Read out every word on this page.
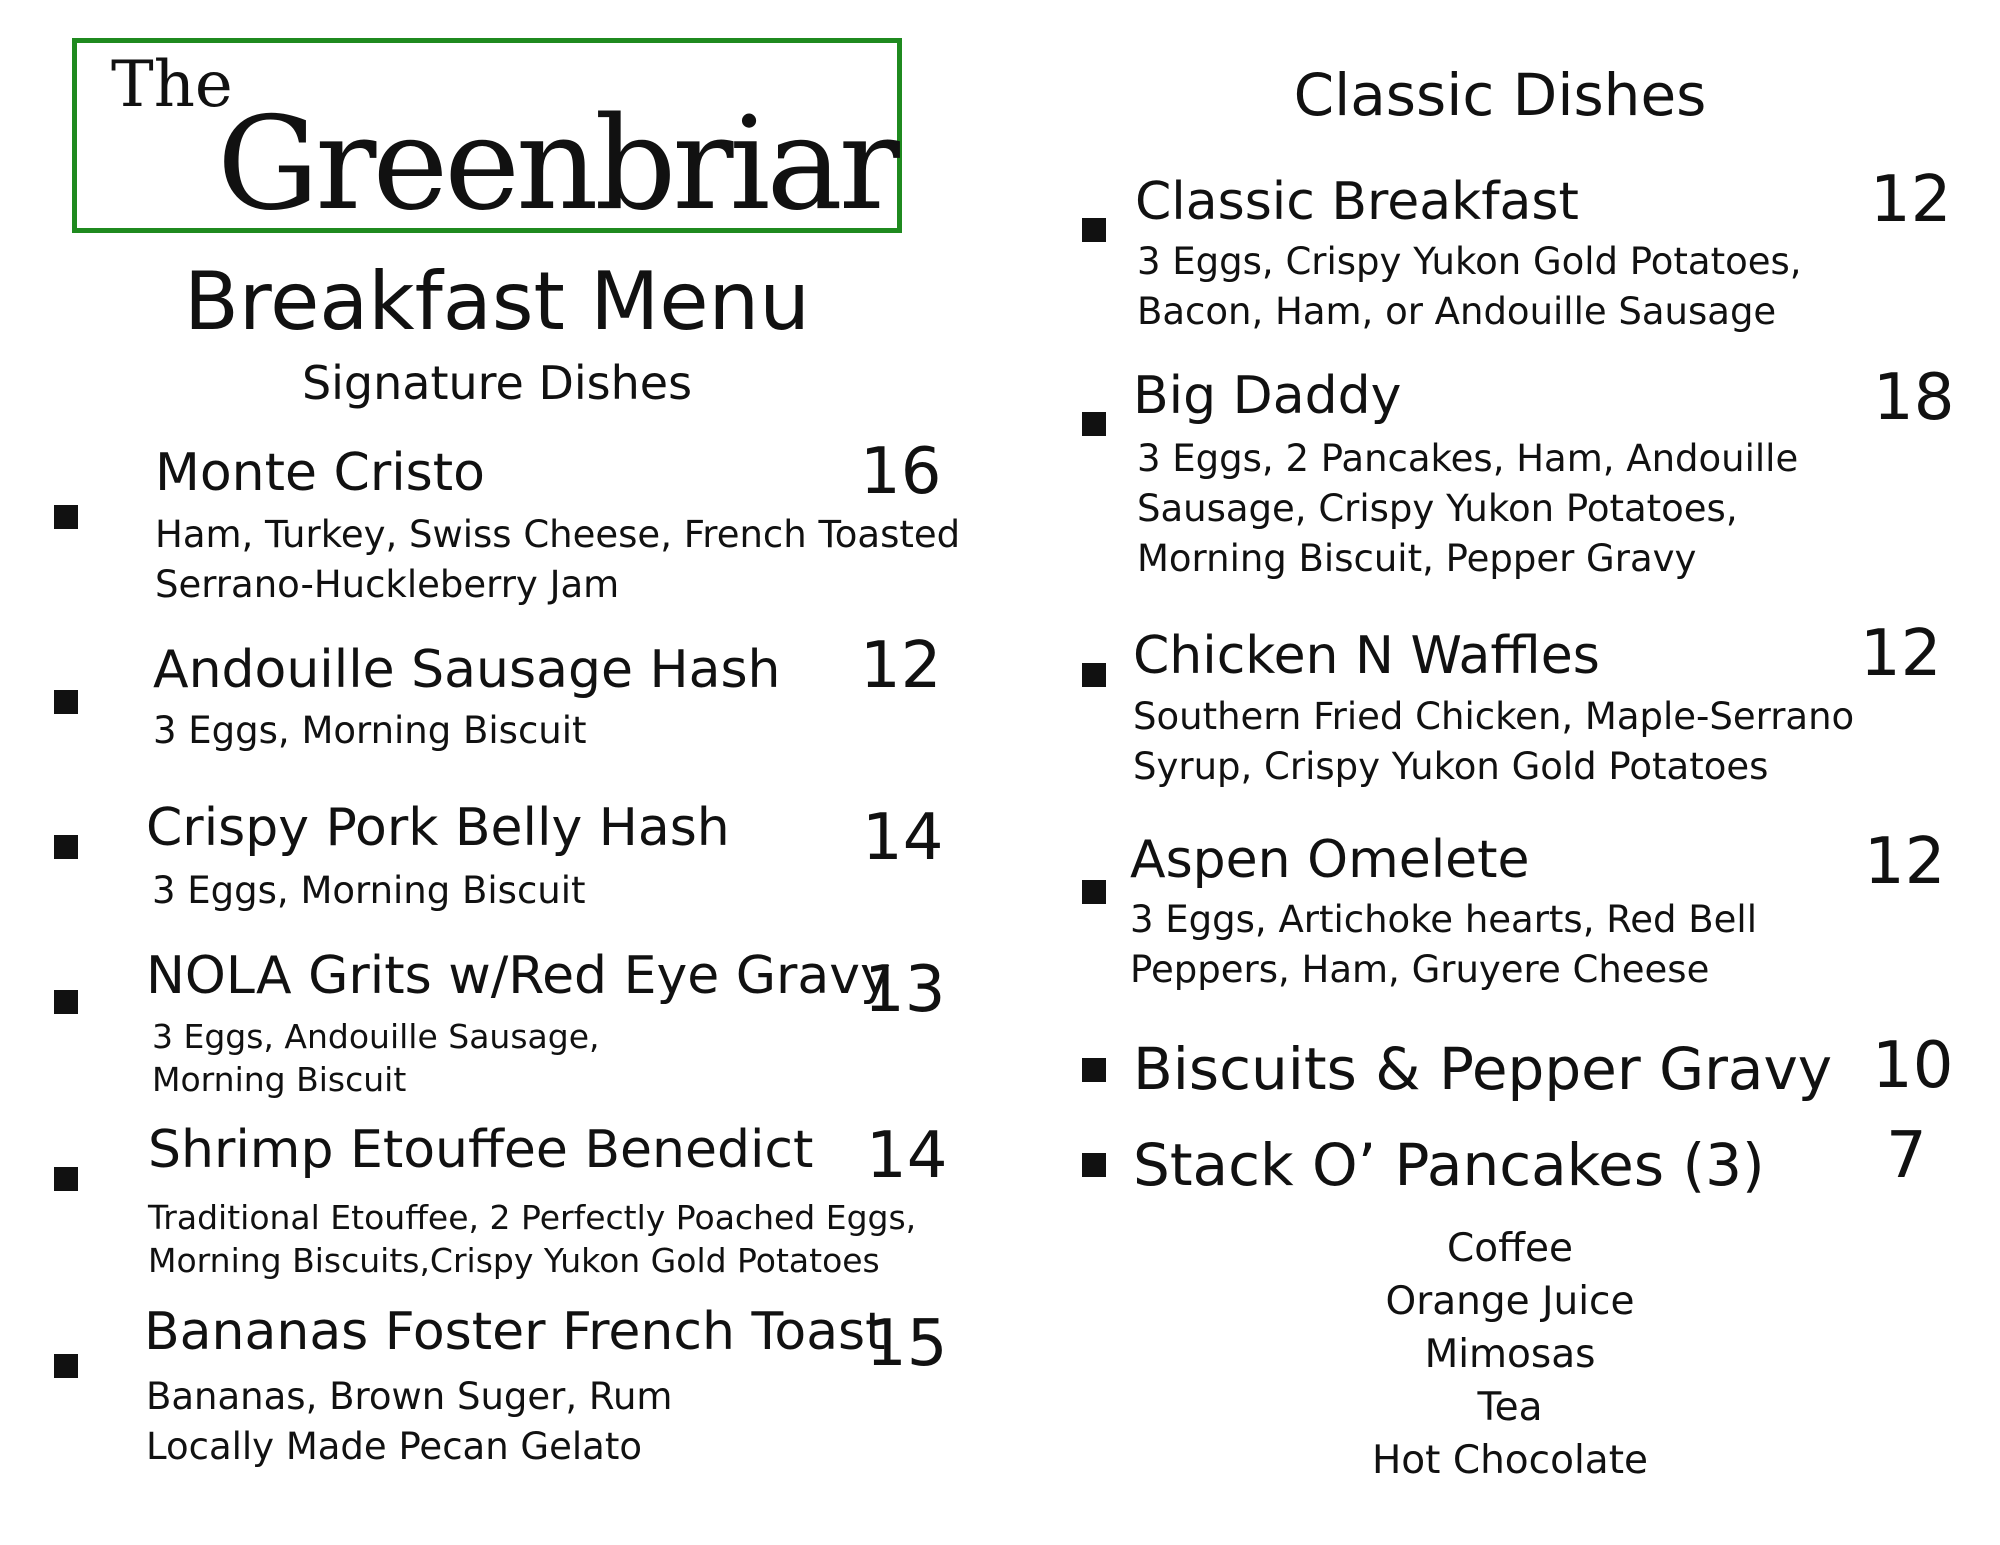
The
Greenbriar
Breakfast Menu
Signature Dishes
Classic Dishes
Monte Cristo	16
Ham, Turkey, Swiss Cheese, French Toasted
Serrano-Huckleberry Jam
Andouille Sausage Hash 12
3 Eggs, Morning Biscuit
Crispy Pork Belly Hash 14
3 Eggs, Morning Biscuit
NOLA Grits w/Red Eye Gravy
13
3 Eggs, Andouille Sausage,
Morning Biscuit
Shrimp Etouffee Benedict 14
Traditional Etouffee, 2 Perfectly Poached Eggs,
Morning Biscuits,Crispy Yukon Gold Potatoes
Bananas Foster French Toast
15
Bananas, Brown Suger, Rum
Locally Made Pecan Gelato
Classic Breakfast	12
3 Eggs, Crispy Yukon Gold Potatoes,
Bacon, Ham, or Andouille Sausage
Big Daddy	18
3 Eggs, 2 Pancakes, Ham, Andouille
Sausage, Crispy Yukon Potatoes,
Morning Biscuit, Pepper Gravy
Chicken N Waffles	12
Southern Fried Chicken, Maple-Serrano
Syrup, Crispy Yukon Gold Potatoes
Aspen Omelete	12
3 Eggs, Artichoke hearts, Red Bell
Peppers, Ham, Gruyere Cheese
Biscuits & Pepper Gravy 10
Stack O’ Pancakes (3) 7
Coffee
Orange Juice
Mimosas
Tea
Hot Chocolate
